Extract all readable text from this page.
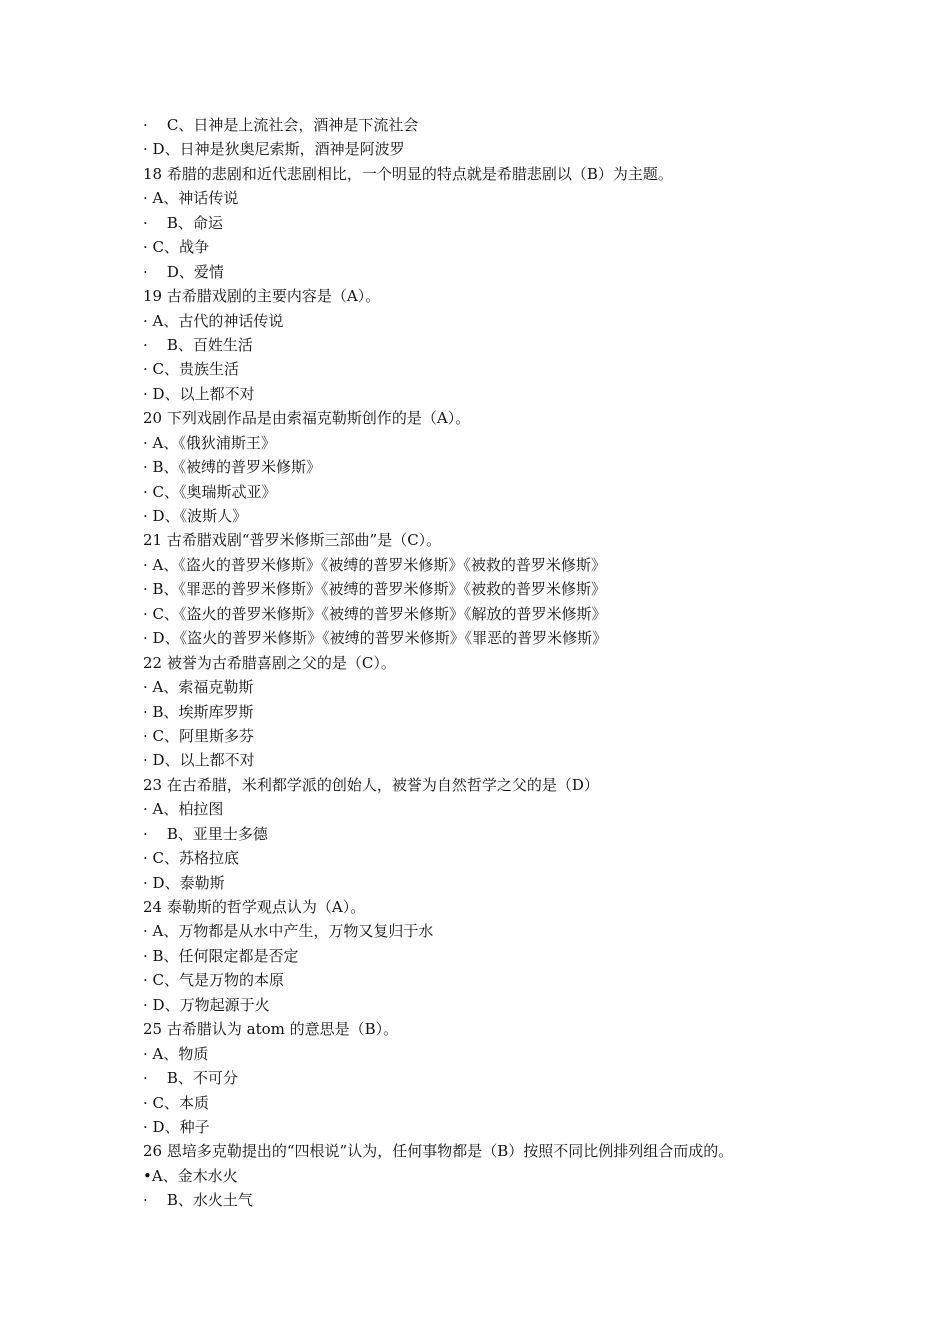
·    C、日神是上流社会，酒神是下流社会
· D、日神是狄奥尼索斯，酒神是阿波罗
18 希腊的悲剧和近代悲剧相比，一个明显的特点就是希腊悲剧以（B）为主题。
· A、神话传说
·    B、命运
· C、战争
·    D、爱情
19 古希腊戏剧的主要内容是（A）。
· A、古代的神话传说
·    B、百姓生活
· C、贵族生活
· D、以上都不对
20 下列戏剧作品是由索福克勒斯创作的是（A）。
· A、《俄狄浦斯王》
· B、《被缚的普罗米修斯》
· C、《奥瑞斯忒亚》
· D、《波斯人》
21 古希腊戏剧“普罗米修斯三部曲”是（C）。
· A、《盗火的普罗米修斯》《被缚的普罗米修斯》《被救的普罗米修斯》
· B、《罪恶的普罗米修斯》《被缚的普罗米修斯》《被救的普罗米修斯》
· C、《盗火的普罗米修斯》《被缚的普罗米修斯》《解放的普罗米修斯》
· D、《盗火的普罗米修斯》《被缚的普罗米修斯》《罪恶的普罗米修斯》
22 被誉为古希腊喜剧之父的是（C）。
· A、索福克勒斯
· B、埃斯库罗斯
· C、阿里斯多芬
· D、以上都不对
23 在古希腊，米利都学派的创始人，被誉为自然哲学之父的是（D）
· A、柏拉图
·    B、亚里士多德
· C、苏格拉底
· D、泰勒斯
24 泰勒斯的哲学观点认为（A）。
· A、万物都是从水中产生，万物又复归于水
· B、任何限定都是否定
· C、气是万物的本原
· D、万物起源于火
25 古希腊认为 atom 的意思是（B）。
· A、物质
·    B、不可分
· C、本质
· D、种子
26 恩培多克勒提出的“四根说”认为，任何事物都是（B）按照不同比例排列组合而成的。
•A、金木水火
·    B、水火土气
